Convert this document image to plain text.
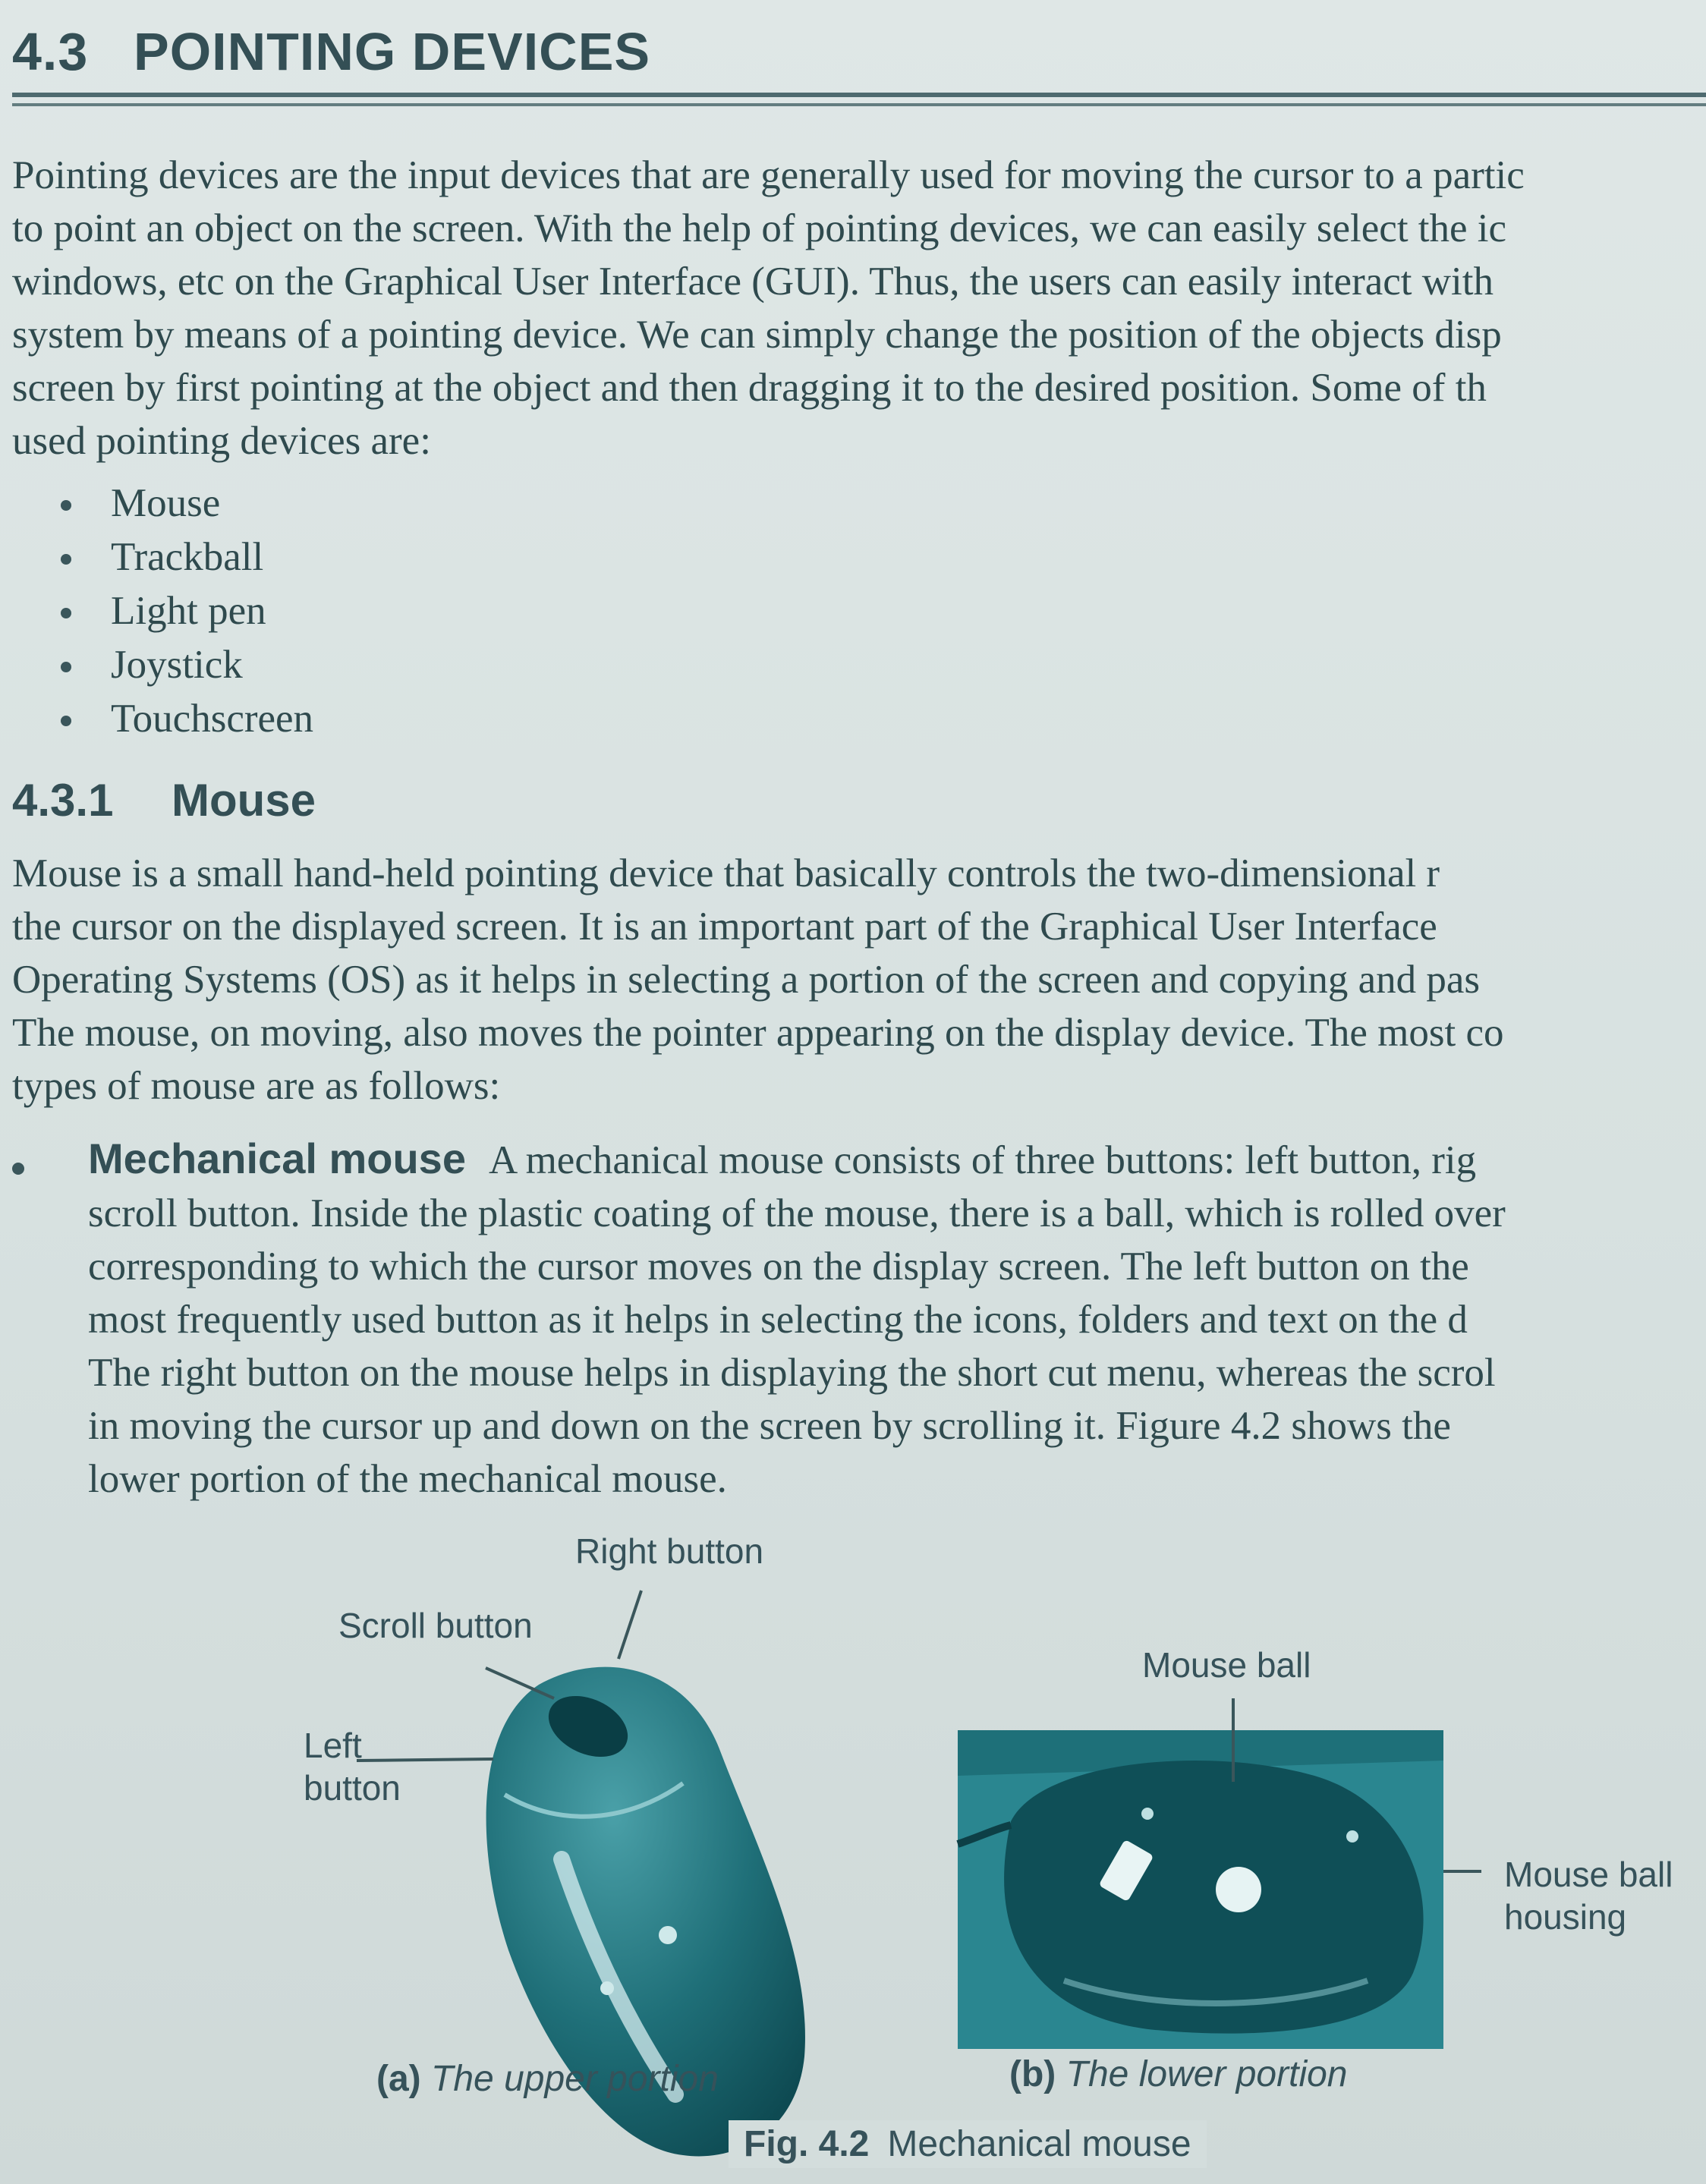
4.3 POINTING DEVICES
Pointing devices are the input devices that are generally used for moving the cursor to a partic
to point an object on the screen. With the help of pointing devices, we can easily select the ic
windows, etc on the Graphical User Interface (GUI). Thus, the users can easily interact with
system by means of a pointing device. We can simply change the position of the objects disp
screen by first pointing at the object and then dragging it to the desired position. Some of th
used pointing devices are:
Mouse
Trackball
Light pen
Joystick
Touchscreen
4.3.1 Mouse
Mouse is a small hand-held pointing device that basically controls the two-dimensional r
the cursor on the displayed screen. It is an important part of the Graphical User Interface
Operating Systems (OS) as it helps in selecting a portion of the screen and copying and pas
The mouse, on moving, also moves the pointer appearing on the display device. The most co
types of mouse are as follows:
Mechanical mouse A mechanical mouse consists of three buttons: left button, rig
scroll button. Inside the plastic coating of the mouse, there is a ball, which is rolled over
corresponding to which the cursor moves on the display screen. The left button on the
most frequently used button as it helps in selecting the icons, folders and text on the d
The right button on the mouse helps in displaying the short cut menu, whereas the scrol
in moving the cursor up and down on the screen by scrolling it. Figure 4.2 shows the
lower portion of the mechanical mouse.
Right button
Scroll button
Left
button
Mouse ball
Mouse ball
housing
(a) The upper portion	(b) The lower portion
Fig. 4.2 Mechanical mouse
